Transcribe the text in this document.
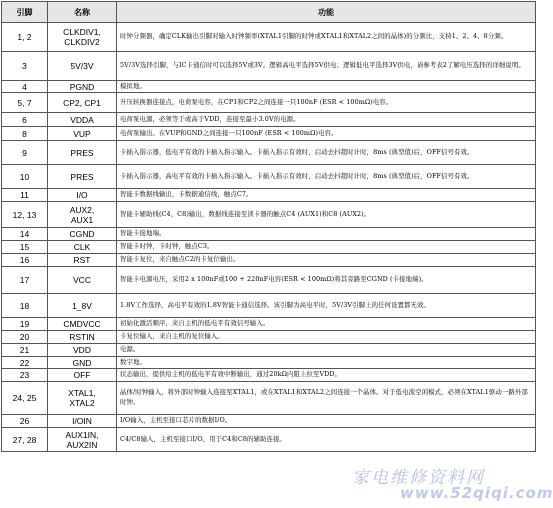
引脚	名称	功能
1, 2	CLKDIV1,
CLKDIV2	时钟分频器，确定CLK输出引脚对输入时钟频率(XTAL1引脚的时钟或XTAL1和XTAL2之间的晶体)的分频比，支持1、2、4、8分频。
3	5V/3V	5V/3V选择引脚，与IC卡通信时可以选择5V或3V。逻辑高电平选择5V供电；逻辑低电平选择3V供电，请参考表2了解电压选择的详细说明。
4	PGND	模拟地。
5, 7	CP2, CP1	升压转换器连接点，电荷泵电容，在CP1和CP2之间连接一只100nF (ESR < 100mΩ)电容。
6	VDDA	电荷泵电源，必须等于或高于VDD，连接至最小3.0V的电源。
8	VUP	电荷泵输出。在VUP和GND之间连接一只100nF (ESR < 100mΩ)电容。
9	PRES	卡插入指示器，低电平有效的卡插入指示输入。卡插入指示有效时，启动去抖超时计时，8ms (典型值)后，OFF信号有效。
10	PRES	卡插入指示器，高电平有效的卡插入指示输入。卡插入指示有效时，启动去抖超时计时，8ms (典型值)后，OFF信号有效。
11	I/O	智能卡数据线输出，卡数据通信线，触点C7。
12, 13	AUX2,
AUX1	智能卡辅助线(C4、C8)输出，数据线连接至读卡器的触点C4 (AUX1)和C8 (AUX2)。
14	CGND	智能卡接地端。
15	CLK	智能卡时钟，卡时钟，触点C3。
16	RST	智能卡复位，来自触点C2的卡复位输出。
17	VCC	智能卡电源电压，采用2 x 100nF或100 + 220nF电容(ESR < 100mΩ)将其旁路至CGND (卡接地端)。
18	1_8V	1.8V工作选择，高电平有效的1.8V智能卡通信选择。该引脚为高电平时，5V/3V引脚上的任何设置都无效。
19	CMDVCC	初始化激活顺序，来自主机的低电平有效信号输入。
20	RSTIN	卡复位输入，来自主机的复位输入。
21	VDD	电源。
22	GND	数字地。
23	OFF	状态输出，提供给主机的低电平有效中断输出，通过20kΩ内阻上拉至VDD。
24, 25	XTAL1,
XTAL2	晶体/时钟输入，将外部时钟输入连接至XTAL1，或在XTAL1和XTAL2之间连接一个晶体。对于低电流空闲模式，必须在XTAL1驱动一路外部时钟。
26	I/OIN	I/O输入，主机至接口芯片的数据I/O。
27, 28	AUX1IN,
AUX2IN	C4/C8输入，主机至接口I/O，用于C4和C8的辅助连接。
家电维修资料网
www.52qiqi.com
